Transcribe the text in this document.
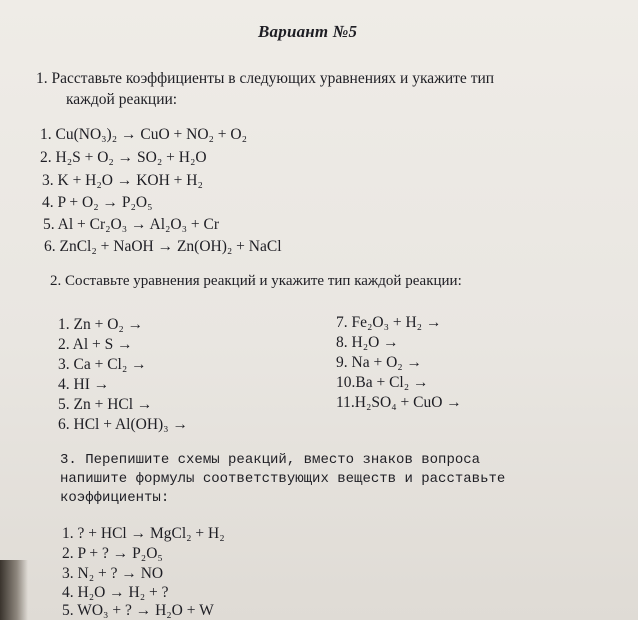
Вариант №5
1. Расставьте коэффициенты в следующих уравнениях и укажите тип
каждой реакции:
1. Cu(NO₃)₂ → CuO + NO₂ + O₂
2. H₂S + O₂ → SO₂ + H₂O
3. K + H₂O → KOH + H₂
4. P + O₂ → P₂O₅
5. Al + Cr₂O₃ → Al₂O₃ + Cr
6. ZnCl₂ + NaOH → Zn(OH)₂ + NaCl
2. Составьте уравнения реакций и укажите тип каждой реакции:
1. Zn + O₂ →
2. Al + S →
3. Ca + Cl₂ →
4. HI →
5. Zn + HCl →
6. HCl + Al(OH)₃ →
7. Fe₂O₃ + H₂ →
8. H₂O →
9. Na + O₂ →
10.Ba + Cl₂ →
11.H₂SO₄ + CuO →
3. Перепишите схемы реакций, вместо знаков вопроса
напишите формулы соответствующих веществ и расставьте
коэффициенты:
1. ? + HCl → MgCl₂ + H₂
2. P + ? → P₂O₅
3. N₂ + ? → NO
4. H₂O → H₂ + ?
5. WO₃ + ? → H₂O + W
